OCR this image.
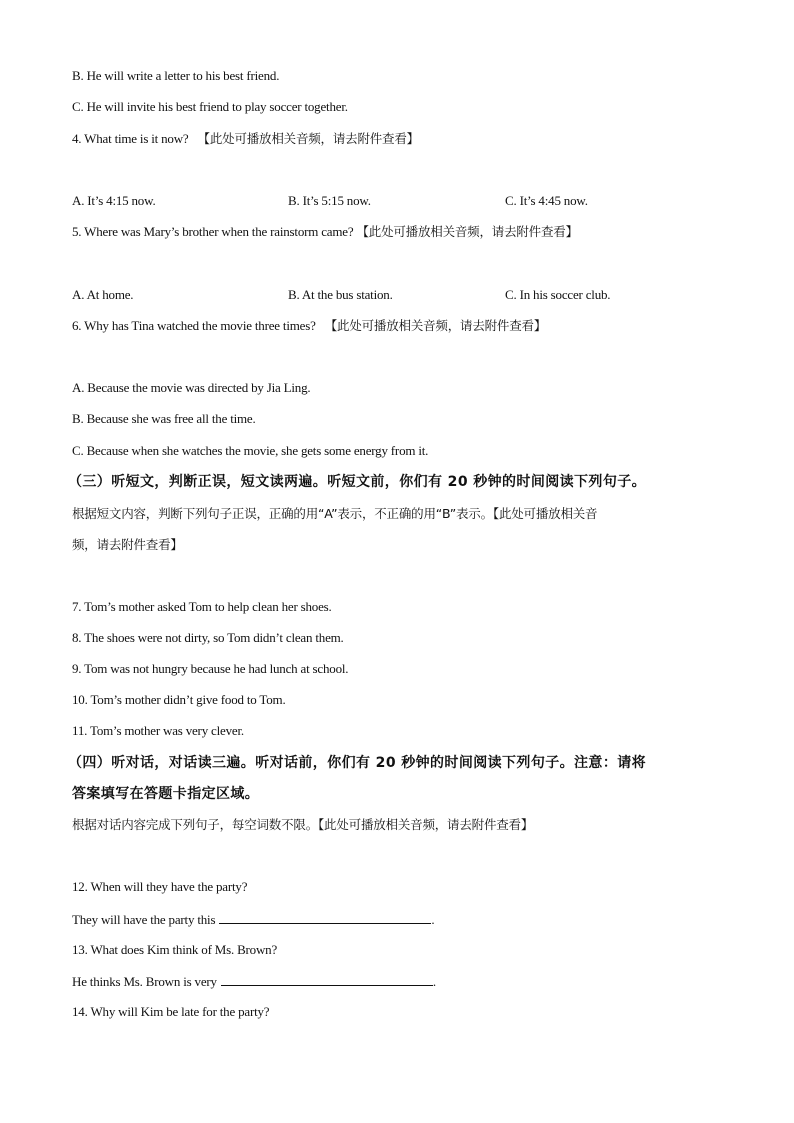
B. He will write a letter to his best friend.
C. He will invite his best friend to play soccer together.
4. What time is it now? 【此处可播放相关音频，请去附件查看】
A. It’s 4:15 now.	B. It’s 5:15 now.	C. It’s 4:45 now.
5. Where was Mary’s brother when the rainstorm came? 【此处可播放相关音频，请去附件查看】
A. At home.	B. At the bus station.	C. In his soccer club.
6. Why has Tina watched the movie three times? 【此处可播放相关音频，请去附件查看】
A. Because the movie was directed by Jia Ling.
B. Because she was free all the time.
C. Because when she watches the movie, she gets some energy from it.
（三）听短文，判断正误，短文读两遍。听短文前，你们有 20 秒钟的时间阅读下列句子。
根据短文内容，判断下列句子正误，正确的用“A”表示，不正确的用“B”表示。【此处可播放相关音
频，请去附件查看】
7. Tom’s mother asked Tom to help clean her shoes.
8. The shoes were not dirty, so Tom didn’t clean them.
9. Tom was not hungry because he had lunch at school.
10. Tom’s mother didn’t give food to Tom.
11. Tom’s mother was very clever.
（四）听对话，对话读三遍。听对话前，你们有 20 秒钟的时间阅读下列句子。注意：请将
答案填写在答题卡指定区域。
根据对话内容完成下列句子，每空词数不限。【此处可播放相关音频，请去附件查看】
12. When will they have the party?
They will have the party this	.
13. What does Kim think of Ms. Brown?
He thinks Ms. Brown is very	.
14. Why will Kim be late for the party?
